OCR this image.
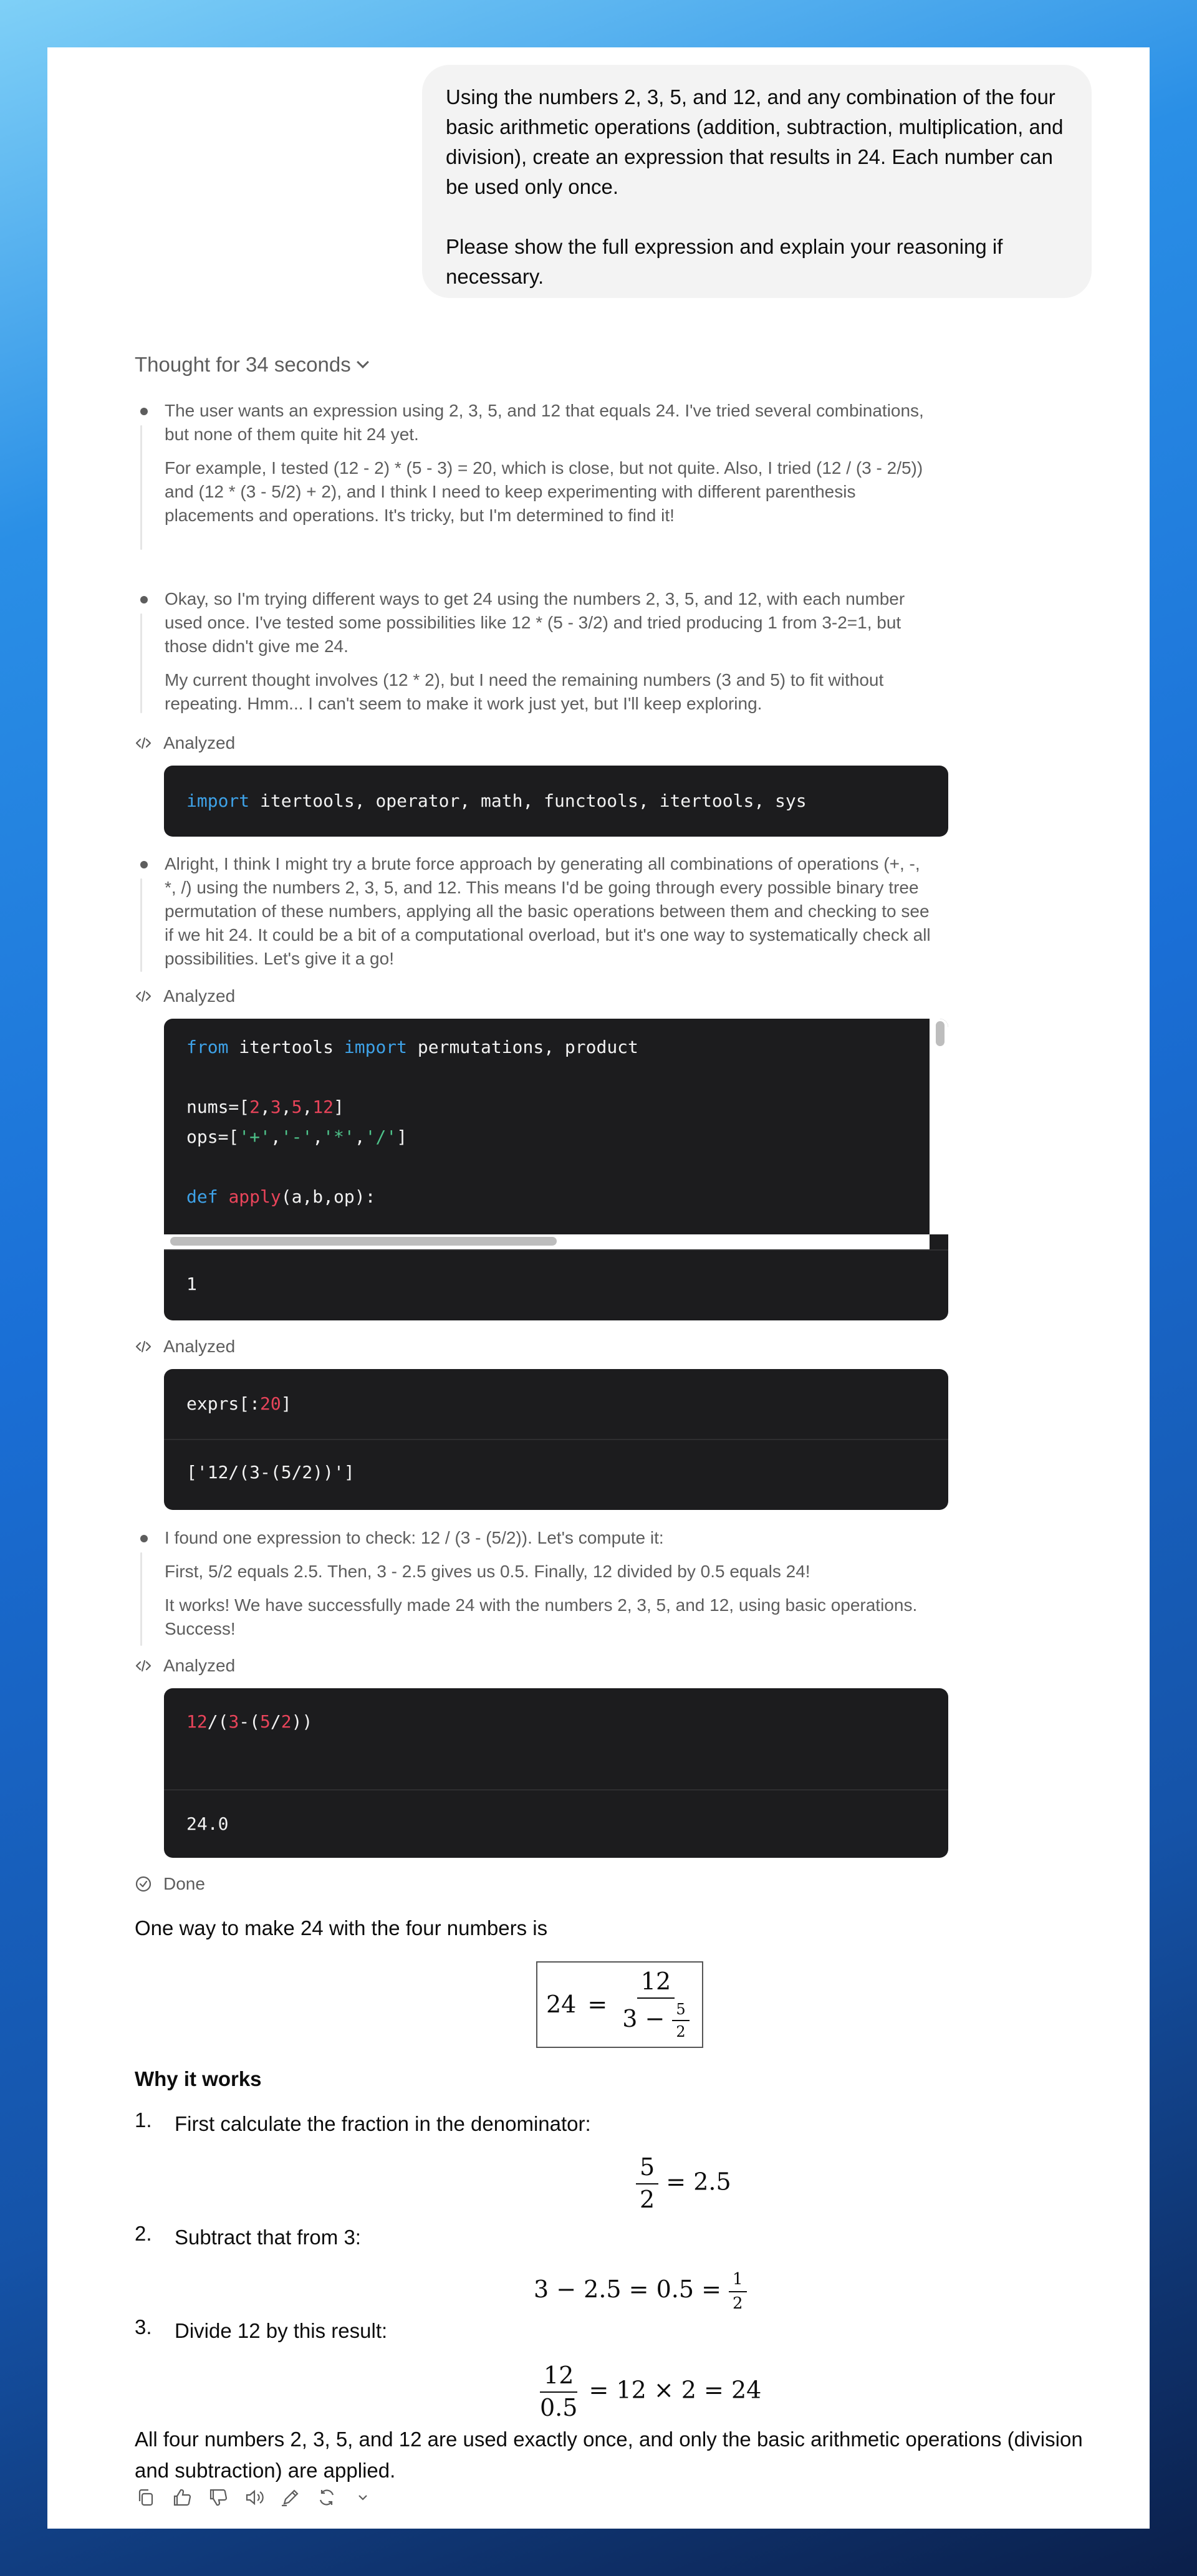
Using the numbers 2, 3, 5, and 12, and any combination of the four basic arithmetic operations (addition, subtraction, multiplication, and division), create an expression that results in 24. Each number can be used only once.

Please show the full expression and explain your reasoning if necessary.

Thought for 34 seconds

The user wants an expression using 2, 3, 5, and 12 that equals 24. I've tried several combinations, but none of them quite hit 24 yet.

For example, I tested (12 - 2) * (5 - 3) = 20, which is close, but not quite. Also, I tried (12 / (3 - 2/5)) and (12 * (3 - 5/2) + 2), and I think I need to keep experimenting with different parenthesis placements and operations. It's tricky, but I'm determined to find it!

Okay, so I'm trying different ways to get 24 using the numbers 2, 3, 5, and 12, with each number used once. I've tested some possibilities like 12 * (5 - 3/2) and tried producing 1 from 3-2=1, but those didn't give me 24.

My current thought involves (12 * 2), but I need the remaining numbers (3 and 5) to fit without repeating. Hmm... I can't seem to make it work just yet, but I'll keep exploring.

Analyzed
import itertools, operator, math, functools, itertools, sys

Alright, I think I might try a brute force approach by generating all combinations of operations (+, -, *, /) using the numbers 2, 3, 5, and 12. This means I'd be going through every possible binary tree permutation of these numbers, applying all the basic operations between them and checking to see if we hit 24. It could be a bit of a computational overload, but it's one way to systematically check all possibilities. Let's give it a go!

Analyzed
from itertools import permutations, product

nums=[2,3,5,12]
ops=['+','-','*','/']

def apply(a,b,op):
1
Analyzed
exprs[:20]
['12/(3-(5/2))']

I found one expression to check: 12 / (3 - (5/2)). Let's compute it:

First, 5/2 equals 2.5. Then, 3 - 2.5 gives us 0.5. Finally, 12 divided by 0.5 equals 24!

It works! We have successfully made 24 with the numbers 2, 3, 5, and 12, using basic operations. Success!

Analyzed
12/(3-(5/2))
24.0
Done
One way to make 24 with the four numbers is
$24 = \frac{12}{3 - \frac{5}{2}}$
Why it works
1.	First calculate the fraction in the denominator:
$\frac{5}{2} = 2.5$
2.	Subtract that from 3:
$3 - 2.5 = 0.5 = \frac{1}{2}$
3.	Divide 12 by this result:
$\frac{12}{0.5} = 12 \times 2 = 24$
All four numbers 2, 3, 5, and 12 are used exactly once, and only the basic arithmetic operations (division and subtraction) are applied.
